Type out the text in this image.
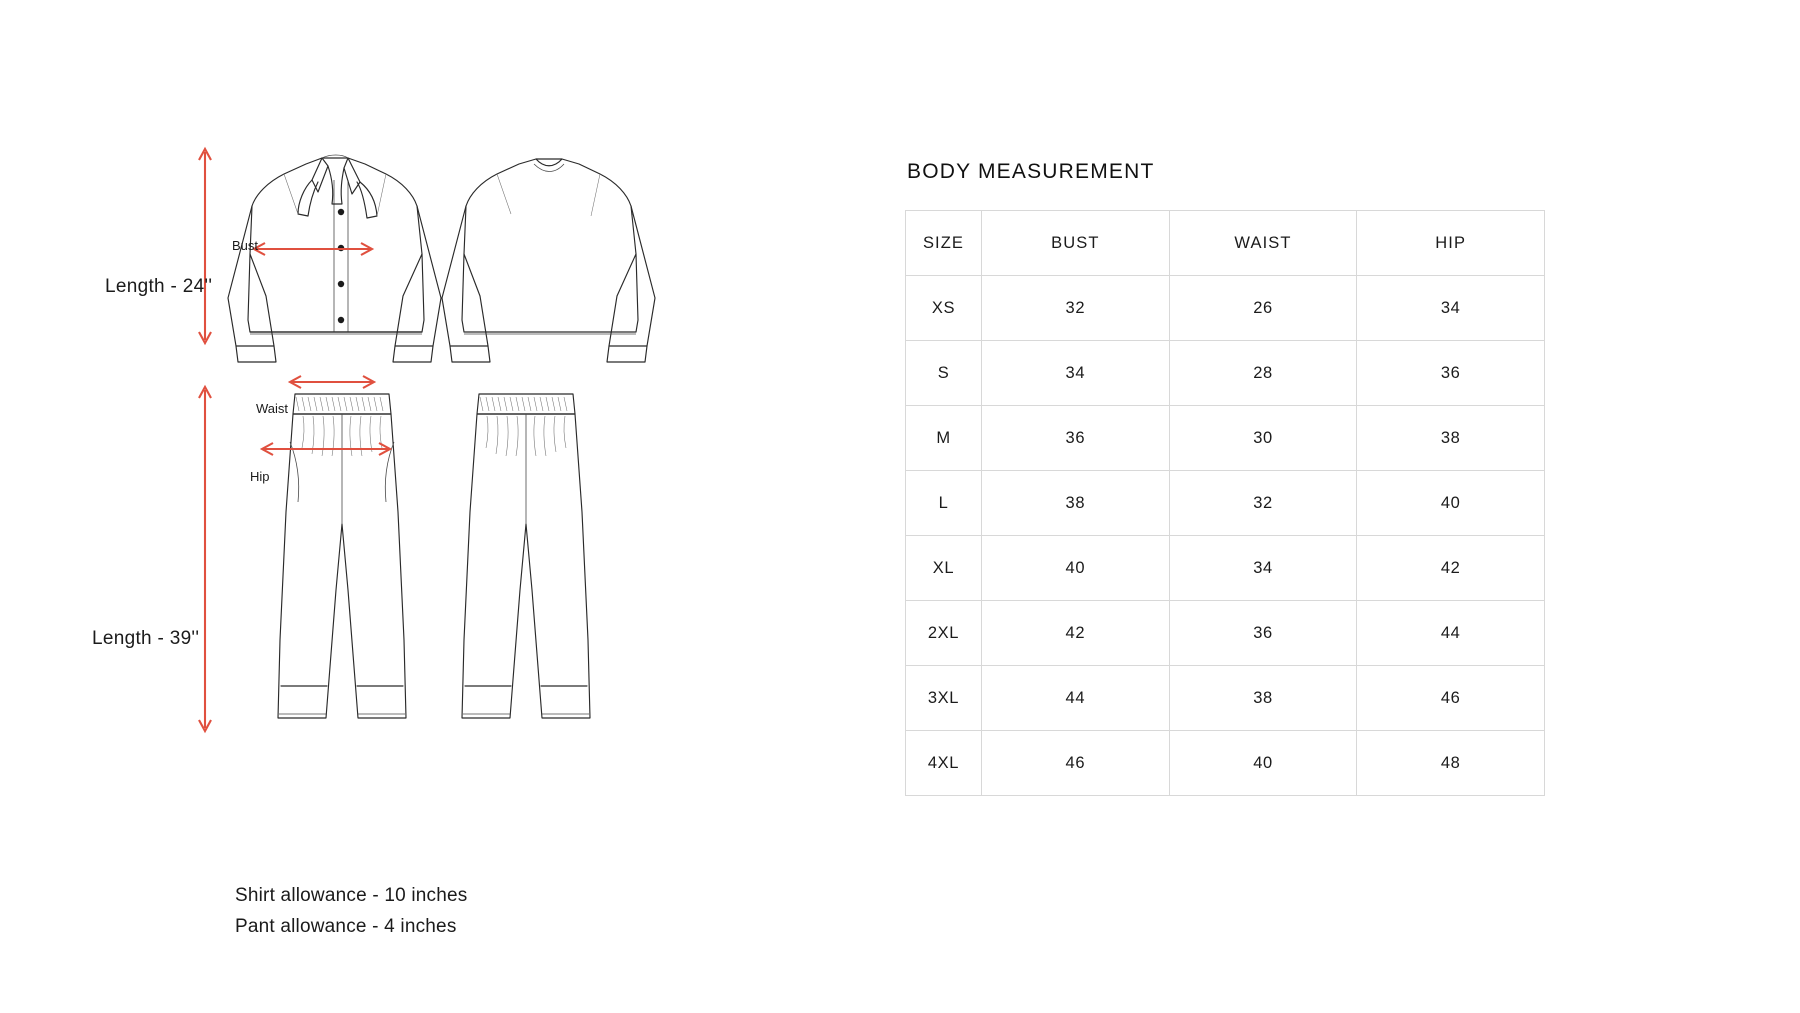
Length - 24''
Length - 39''
Bust
Waist
Hip
Shirt allowance - 10 inches
Pant allowance - 4 inches
BODY MEASUREMENT
SIZE	BUST	WAIST	HIP
XS	32	26	34
S	34	28	36
M	36	30	38
L	38	32	40
XL	40	34	42
2XL	42	36	44
3XL	44	38	46
4XL	46	40	48
